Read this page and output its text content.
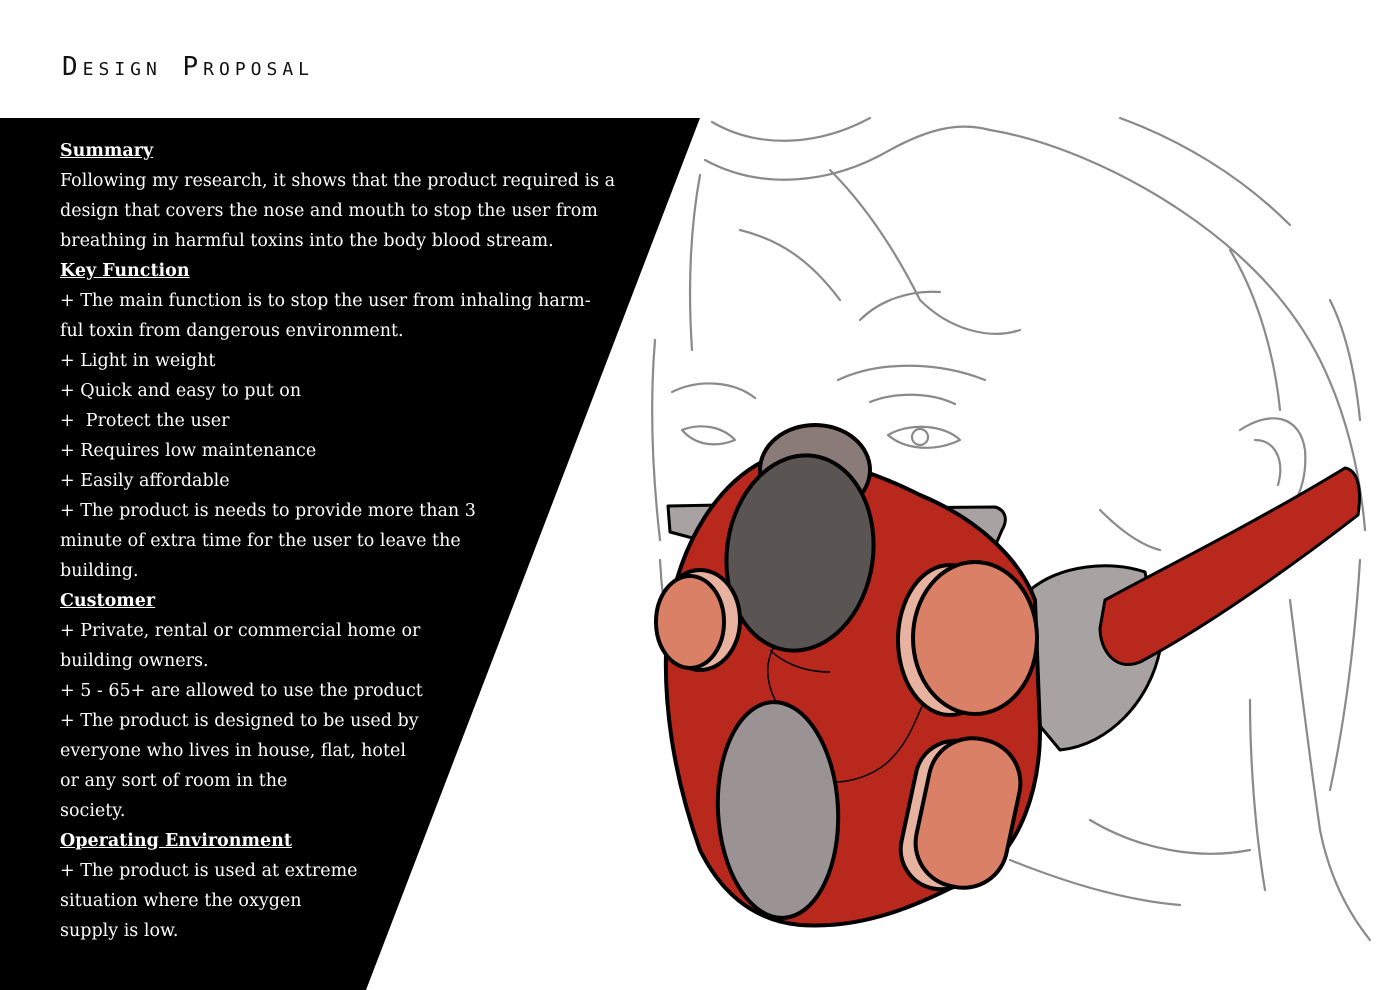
Design Proposal
Summary
Following my research, it shows that the product required is a
design that covers the nose and mouth to stop the user from
breathing in harmful toxins into the body blood stream.
Key Function
+ The main function is to stop the user from inhaling harm-
ful toxin from dangerous environment.
+ Light in weight
+ Quick and easy to put on
+  Protect the user
+ Requires low maintenance
+ Easily affordable
+ The product is needs to provide more than 3
minute of extra time for the user to leave the
building.
Customer
+ Private, rental or commercial home or
building owners.
+ 5 - 65+ are allowed to use the product
+ The product is designed to be used by
everyone who lives in house, flat, hotel
or any sort of room in the
society.
Operating Environment
+ The product is used at extreme
situation where the oxygen
supply is low.
